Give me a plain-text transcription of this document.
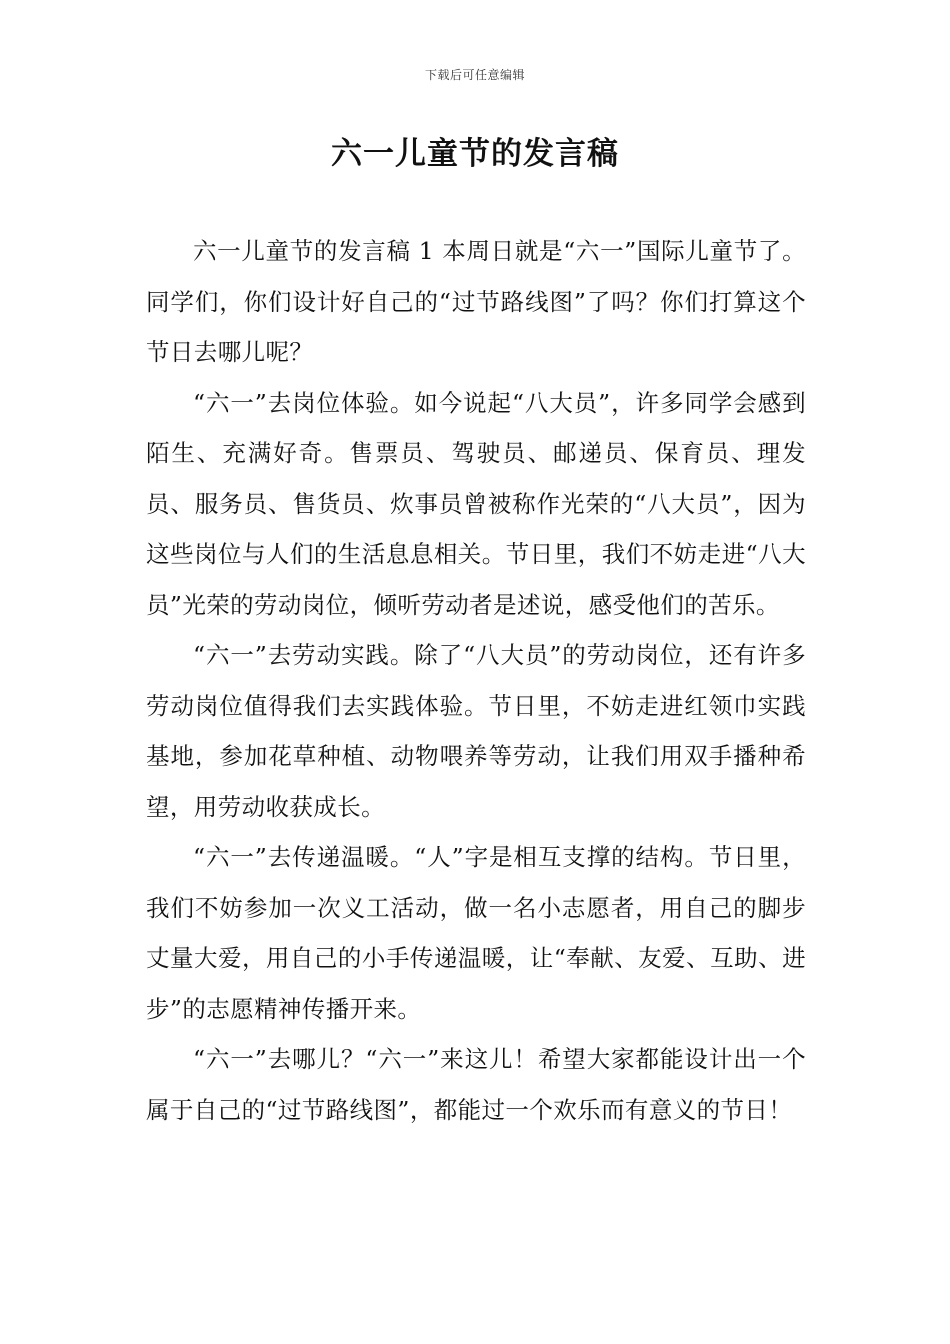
下载后可任意编辑
六一儿童节的发言稿

六一儿童节的发言稿 1 本周日就是“六一”国际儿童节了。同学们，你们设计好自己的“过节路线图”了吗？你们打算这个节日去哪儿呢？

“六一”去岗位体验。如今说起“八大员”，许多同学会感到陌生、充满好奇。售票员、驾驶员、邮递员、保育员、理发员、服务员、售货员、炊事员曾被称作光荣的“八大员”，因为这些岗位与人们的生活息息相关。节日里，我们不妨走进“八大员”光荣的劳动岗位，倾听劳动者是述说，感受他们的苦乐。

“六一”去劳动实践。除了“八大员”的劳动岗位，还有许多劳动岗位值得我们去实践体验。节日里，不妨走进红领巾实践基地，参加花草种植、动物喂养等劳动，让我们用双手播种希望，用劳动收获成长。

“六一”去传递温暖。“人”字是相互支撑的结构。节日里，我们不妨参加一次义工活动，做一名小志愿者，用自己的脚步丈量大爱，用自己的小手传递温暖，让“奉献、友爱、互助、进步”的志愿精神传播开来。

“六一”去哪儿？“六一”来这儿！希望大家都能设计出一个属于自己的“过节路线图”，都能过一个欢乐而有意义的节日！
